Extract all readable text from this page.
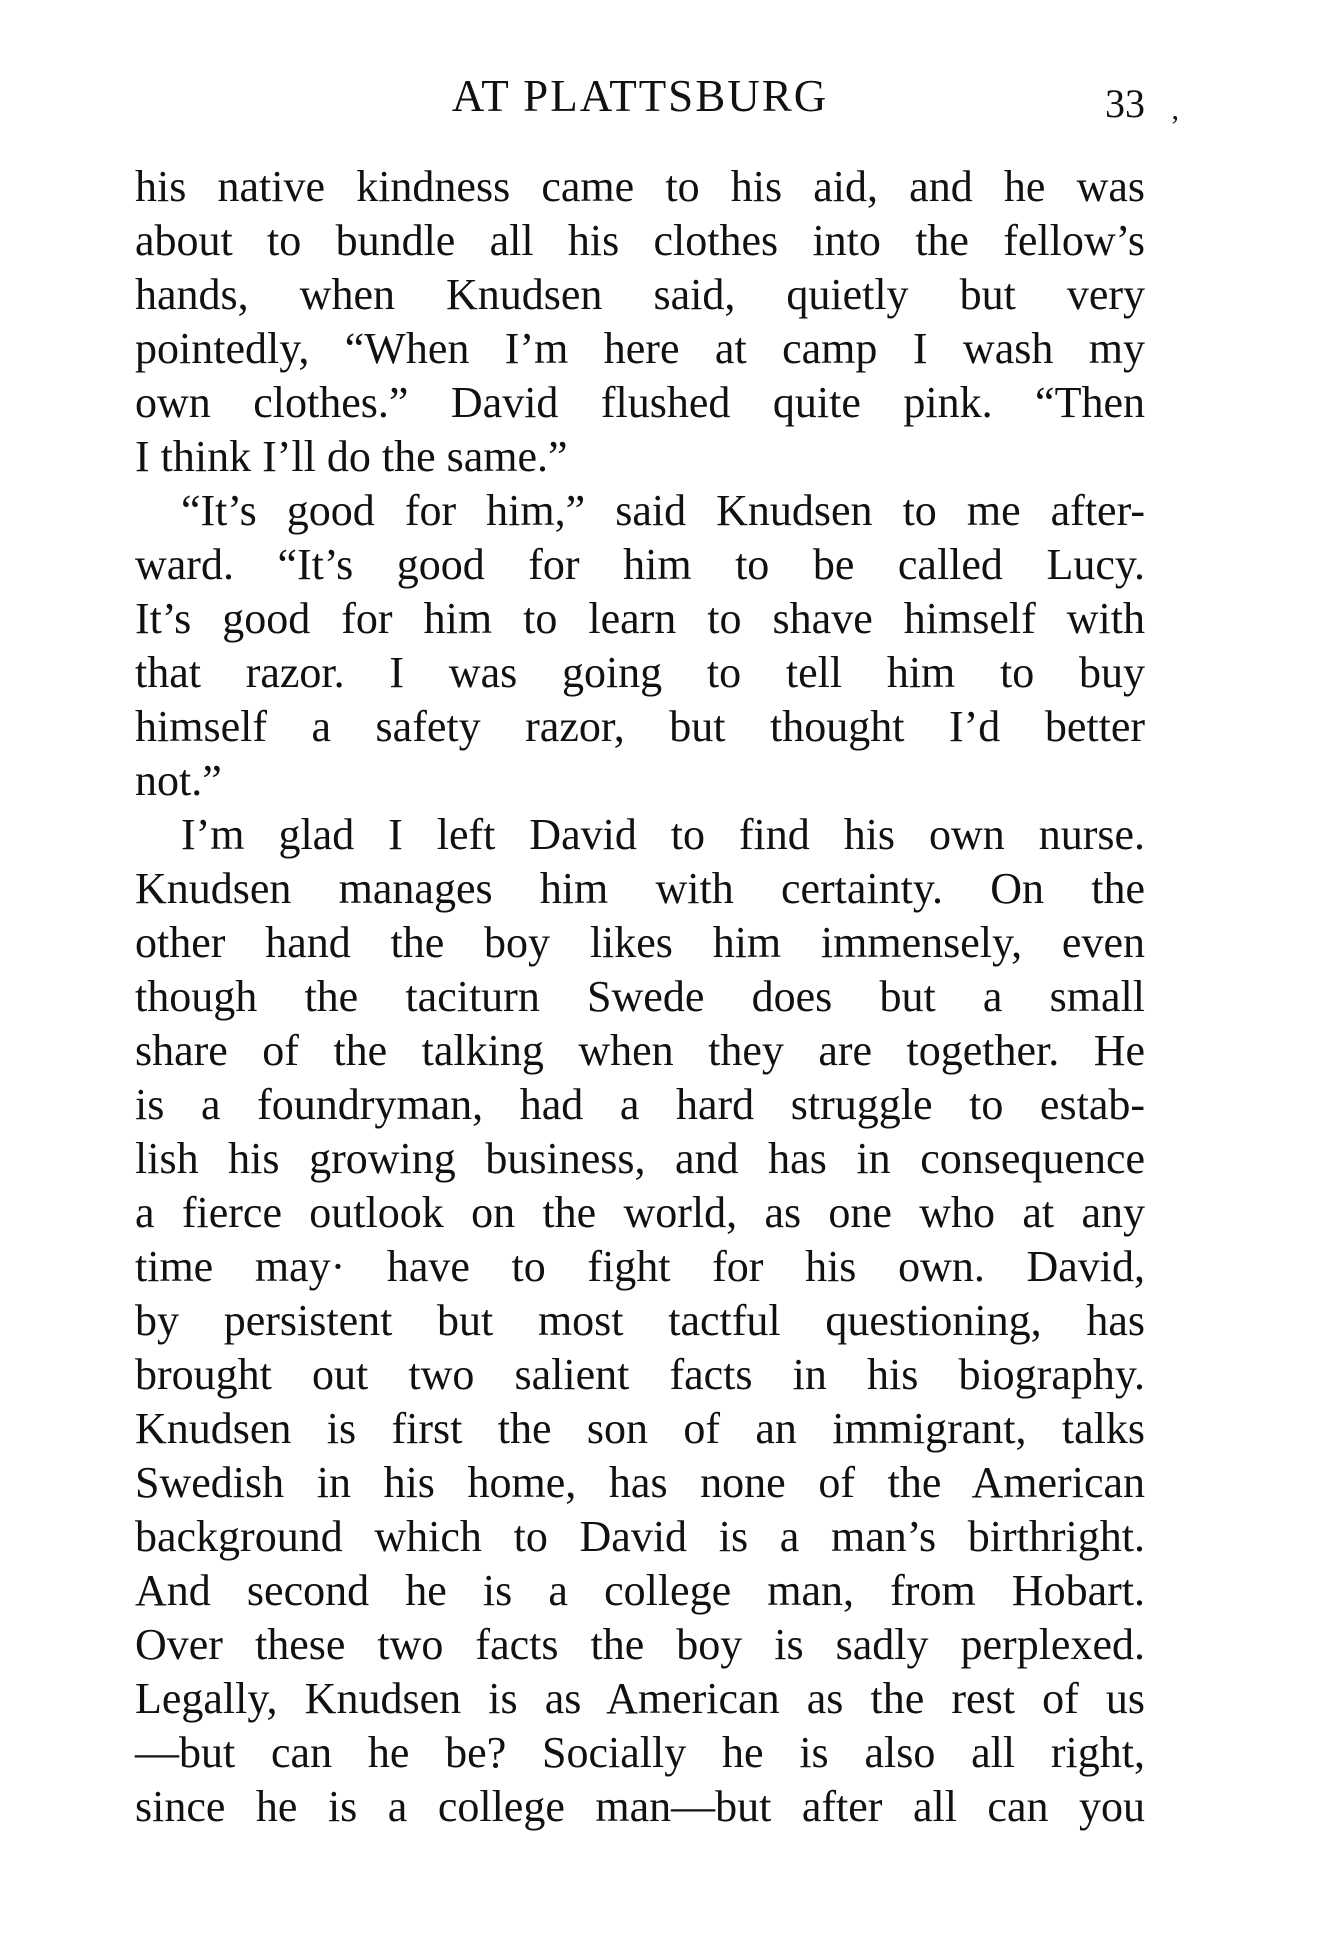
AT PLATTSBURG	33 ,
his native kindness came to his aid, and he was
about to bundle all his clothes into the fellow’s
hands, when Knudsen said, quietly but very
pointedly, “When I’m here at camp I wash my
own clothes.” David flushed quite pink. “Then
I think I’ll do the same.”
“It’s good for him,” said Knudsen to me after-
ward. “It’s good for him to be called Lucy.
It’s good for him to learn to shave himself with
that razor. I was going to tell him to buy
himself a safety razor, but thought I’d better
not.”
I’m glad I left David to find his own nurse.
Knudsen manages him with certainty. On the
other hand the boy likes him immensely, even
though the taciturn Swede does but a small
share of the talking when they are together. He
is a foundryman, had a hard struggle to estab-
lish his growing business, and has in consequence
a fierce outlook on the world, as one who at any
time may· have to fight for his own. David,
by persistent but most tactful questioning, has
brought out two salient facts in his biography.
Knudsen is first the son of an immigrant, talks
Swedish in his home, has none of the American
background which to David is a man’s birthright.
And second he is a college man, from Hobart.
Over these two facts the boy is sadly perplexed.
Legally, Knudsen is as American as the rest of us
—but can he be? Socially he is also all right,
since he is a college man—but after all can you
